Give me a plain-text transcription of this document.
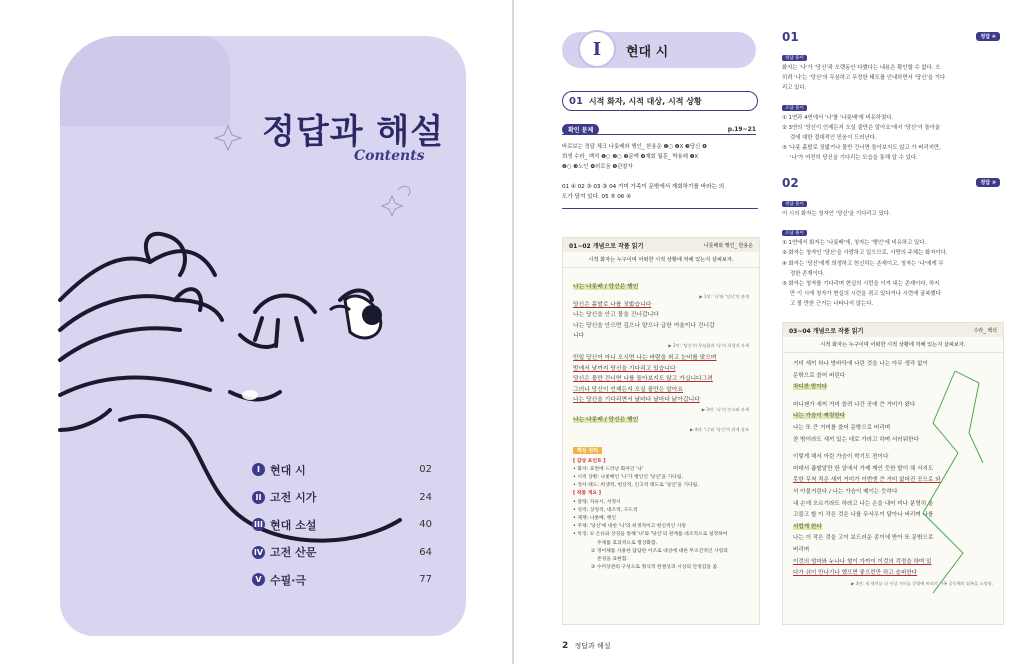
정답과 해설
Contents
I 현대 시	02
II 고전 시가	24
III 현대 소설	40
IV 고전 산문	64
V 수필·극	77
I	현대 시
01 시적 화자, 시적 대상, 시적 상황
확인 문제	p.19~21
바로보는 정답 체크 나룻배와 행인_ 한용운 ❶○ ❷X ❸당신 ❹
희생 수라_ 백석 ❶○ ❷○ ❸문맥 ❹재회 월훈_ 박용래 ❶X
❷○ ❸노인 ❹외로움 ❺관찰자
01 ④ 02 ③ 03 ③ 04 거미 가족이 문밖에서 재회하기를 바라는 의
도가 담겨 있다. 05 ⑤ 06 ④
01~02 개념으로 작품 읽기	나룻배와 행인_ 한용운
시적 화자는 누구이며 어떠한 시적 상황에 처해 있는지 살펴보자.
나는 나룻배 / 당신은 행인
▶ 1연: '나'와 '당신'의 관계
당신은 흙발로 나를 짓밟습니다
나는 당신을 안고 물을 건너갑니다
나는 당신을 안으면 깊으나 얕으나 급한 여울이나 건너갑
니다
▶ 2연: '당신'의 무심함과 '나'의 희생적 자세
만일 당신이 아니 오시면 나는 바람을 쐬고 눈비를 맞으며
밤에서 낮까지 당신을 기다리고 있습니다
당신은 물만 건너면 나를 돌아보지도 않고 가십니다그려
그러나 당신이 언제든지 오실 줄만은 알아요
나는 당신을 기다리면서 날마다 날마다 낡아갑니다
▶ 3연: '나'의 인고와 자세
나는 나룻배 / 당신은 행인
▶ 4연: '나'와 '당신'의 관계 강조
핵심 정리
[ 감상 포인트 ]
• 화자: 표면에 드러난 화자인 '나'
• 시적 상황: 나룻배인 '나'가 행인인 '당신'을 기다림.
• 정서·태도: 희생적, 헌신적, 인고적 태도로 '당신'을 기다림.
[ 작품 개요 ]
• 갈래: 자유시, 서정시
• 성격: 상징적, 대조적, 구도적
• 제재: 나룻배, 행인
• 주제: '당신'에 대한 '나'의 희생적이고 헌신적인 사랑
• 특징: ① 은유와 상징을 통해 '나'와 '당신'의 관계를 대조적으로 설정하여
주제를 효과적으로 형상화함.
② 경어체를 사용한 담담한 어조로 대상에 대한 무조건적인 사랑과
존경을 표현함.
③ 수미상관의 구성으로 형식적 완결성과 시상의 안정감을 줌.
01	정답 ④
정답 풀이
화자는 '나'가 '당신'과 오랫동안 다했다는 내용은 확인할 수 없다. 오
히려 '나'는 '당신'의 무심하고 무정한 태도를 인내하면서 '당신'을 기다
리고 있다.
오답 풀이
① 1연과 4연에서 '나'를 '나룻배'에 비유하였다.
② 3연의 '당신이 언제든지 오실 줄만은 알아요'에서 '당신'이 돌아올
것에 대한 절대적인 믿음이 드러난다.
⑤ '나룻 흙발로 짓밟거나 물만 건너면 돌아보지도 않고 가 버리지만,
'나'가 여전히 당신을 기다리는 모습을 통해 알 수 있다.
02	정답 ③
정답 풀이
이 시의 화자는 청자인 '당신'을 기다리고 있다.
오답 풀이
① 1연에서 화자는 '나룻배'에, 청자는 '행인'에 비유하고 있다.
② 화자는 청자인 '당신'을 사랑하고 있으므로, 사랑의 주체는 화자이다.
④ 화자는 '당신'에게 희생하고 헌신하는 존재이고, 청자는 '나'에게 무
정한 존재이다.
⑤ 화자는 청자를 기다리며 현실의 시련을 이겨 내는 존재이다. 하지
만 이 시에 청자가 현실의 시련을 겪고 있다거나 시련에 굴복했다
고 볼 만한 근거는 나타나지 않는다.
03~04 개념으로 작품 읽기	수라_ 백석
시적 화자는 누구이며 어떠한 시적 상황에 처해 있는지 살펴보자.
거미 새끼 하나 방바닥에 나린 것을 나는 아무 생각 없이
문밖으로 쓸어 버린다
차디찬 밤이다
어니젠가 새끼 거미 쓸려 나간 곳에 큰 거미가 왔다
나는 가슴이 짜릿한다
나는 또 큰 거미를 쓸어 문밖으로 버리며
찬 밖이라도 새끼 있는 데로 가라고 하며 서러워한다
이렇게 해서 아린 가슴이 싹기도 전이다
어데서 좁쌀알만 한 알에서 가제 깨인 듯한 발이 채 서지도
못한 무척 적은 새끼 거미가 이번엔 큰 거미 없어진 곳으로 와
서 아물거린다 / 나는 가슴이 메이는 듯하다
내 손에 오르기라도 하라고 나는 손을 내어 미나 분명히 울
고불고 할 이 작은 것은 나를 무서우이 달아나 버리며 나를
서럽게 한다
나는 이 작은 것을 고이 보드러운 종이에 받아 또 문밖으로
버리며
이것의 엄마와 누나나 형이 가까이 이것의 걱정을 하며 있
다가 쉬이 만나기나 했으면 좋으련만 하고 슬퍼한다
▶ 3연: 새 새끼를 더 이상 거미를 문밖에 버리며 가족 공동체의 회복을 소망함.
2 정답과 해설
